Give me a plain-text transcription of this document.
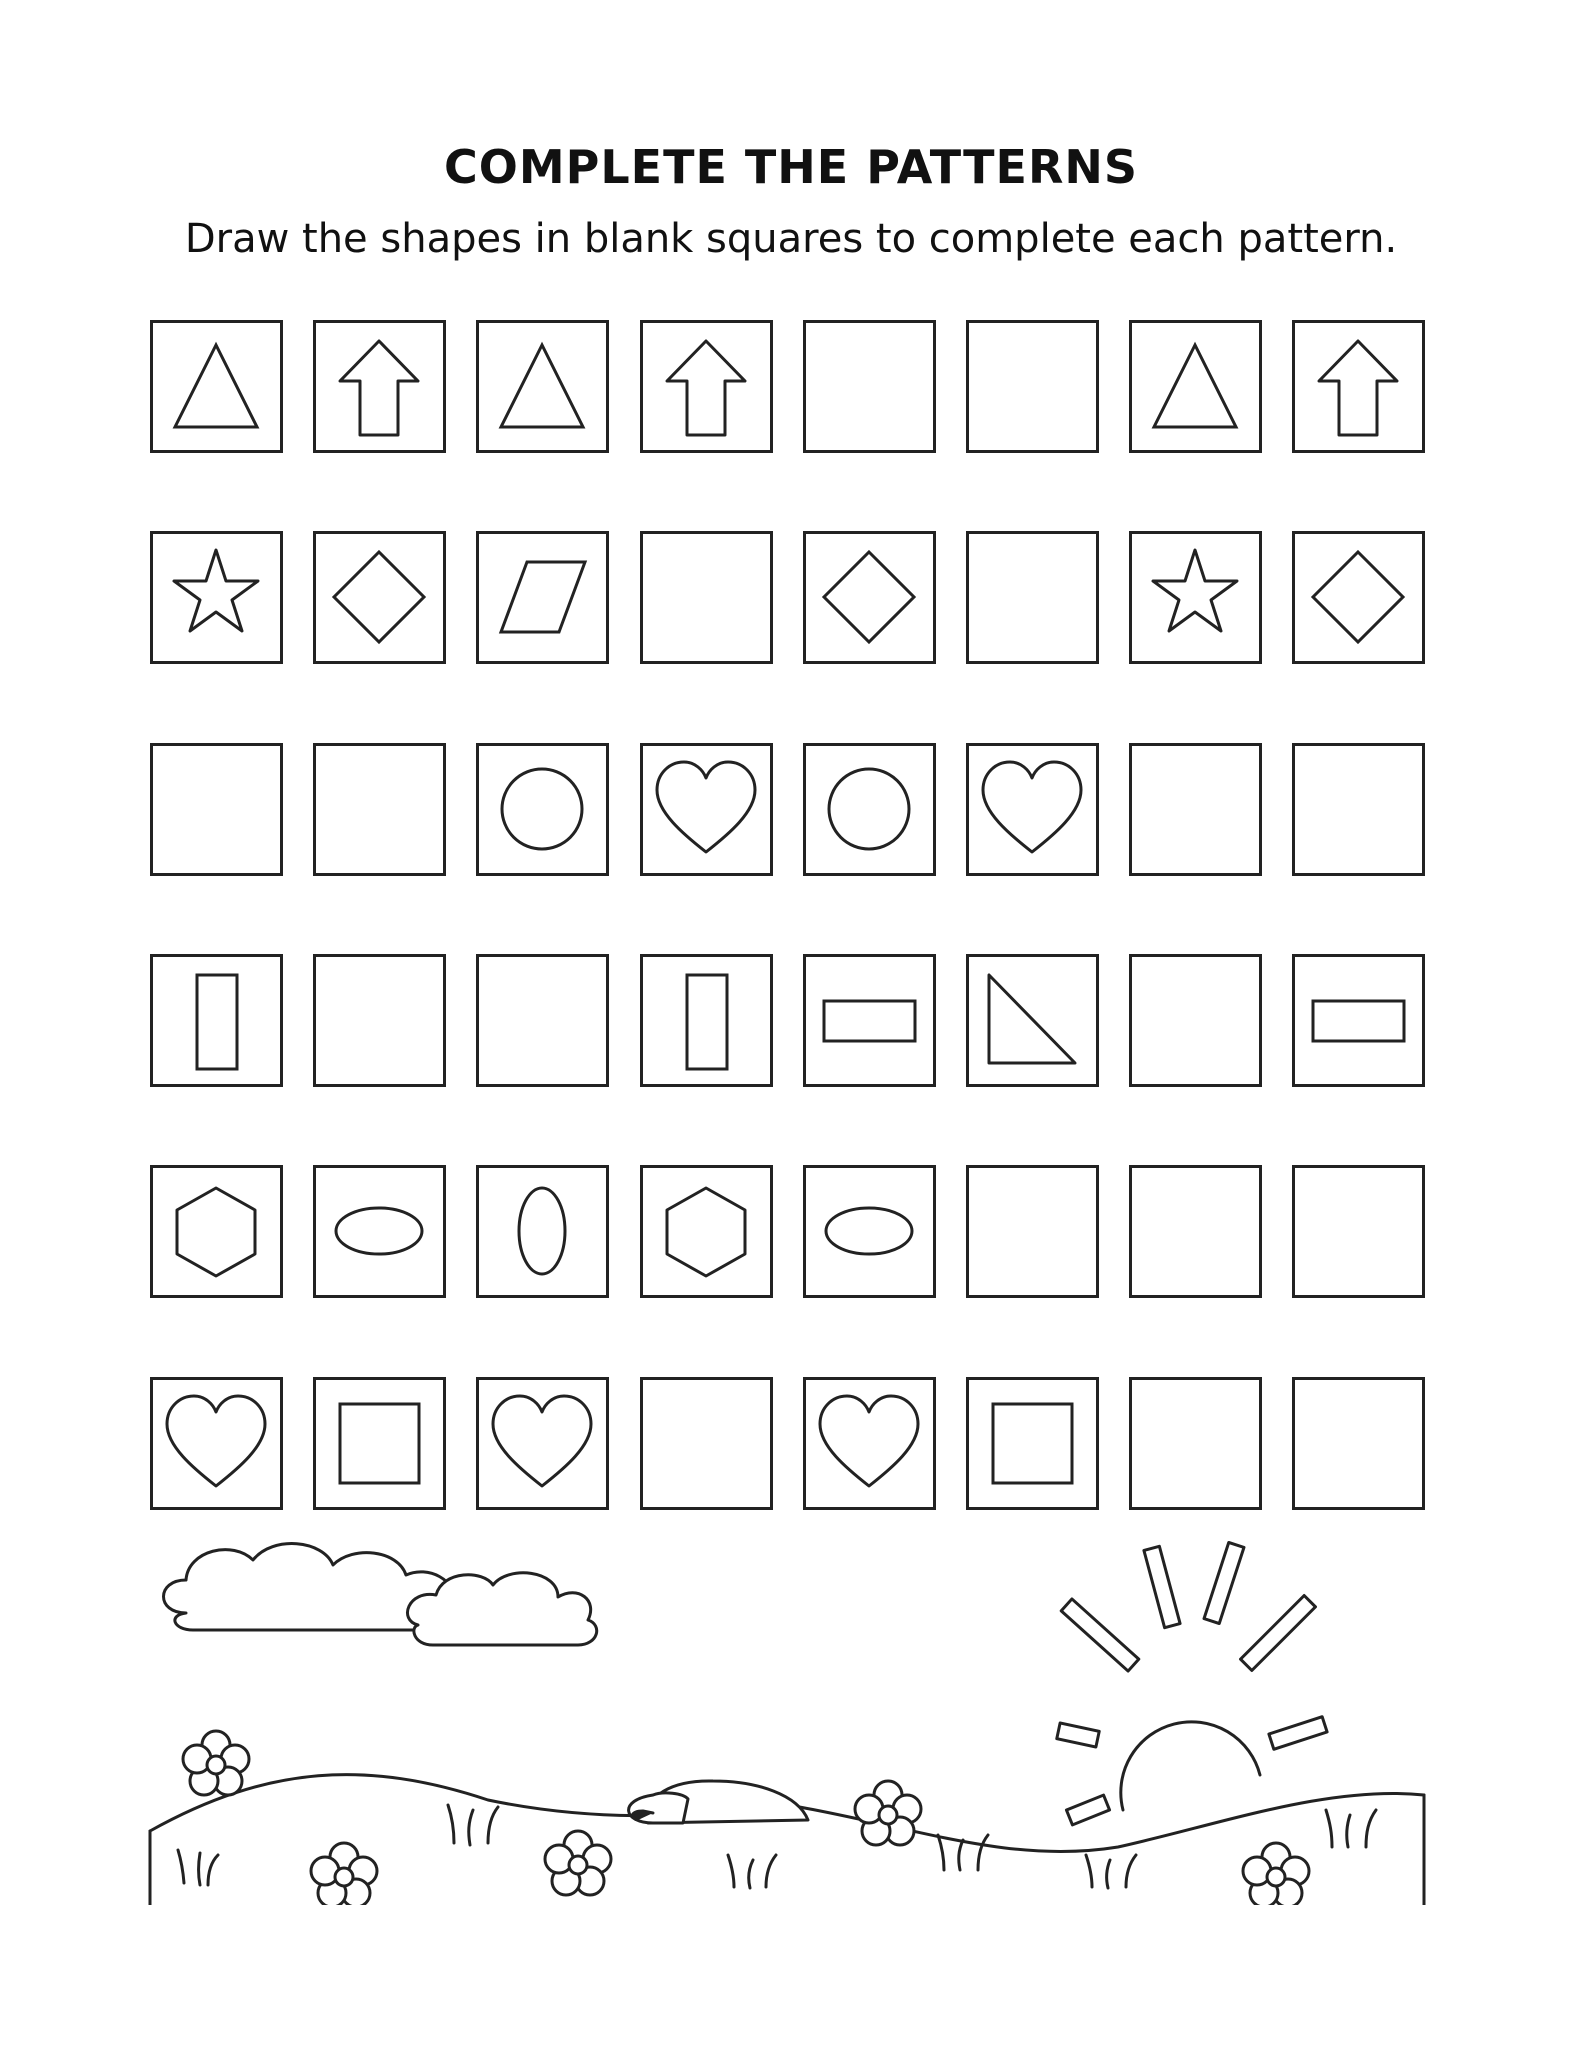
COMPLETE THE PATTERNS
Draw the shapes in blank squares to complete each pattern.
